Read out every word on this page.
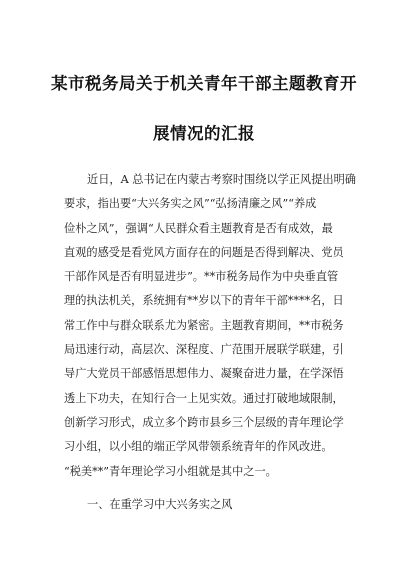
某市税务局关于机关青年干部主题教育开
展情况的汇报
近日，A 总书记在内蒙古考察时围绕以学正风提出明确
要求，指出要“大兴务实之风”“弘扬清廉之风”“养成
俭朴之风”，强调“人民群众看主题教育是否有成效，最
直观的感受是看党风方面存在的问题是否得到解决、党员
干部作风是否有明显进步”。**市税务局作为中央垂直管
理的执法机关，系统拥有**岁以下的青年干部****名，日
常工作中与群众联系尤为紧密。主题教育期间，**市税务
局迅速行动，高层次、深程度、广范围开展联学联建，引
导广大党员干部感悟思想伟力、凝聚奋进力量，在学深悟
透上下功夫，在知行合一上见实效。通过打破地域限制，
创新学习形式，成立多个跨市县乡三个层级的青年理论学
习小组，以小组的端正学风带领系统青年的作风改进。
“税美**”青年理论学习小组就是其中之一。

一、在重学习中大兴务实之风
